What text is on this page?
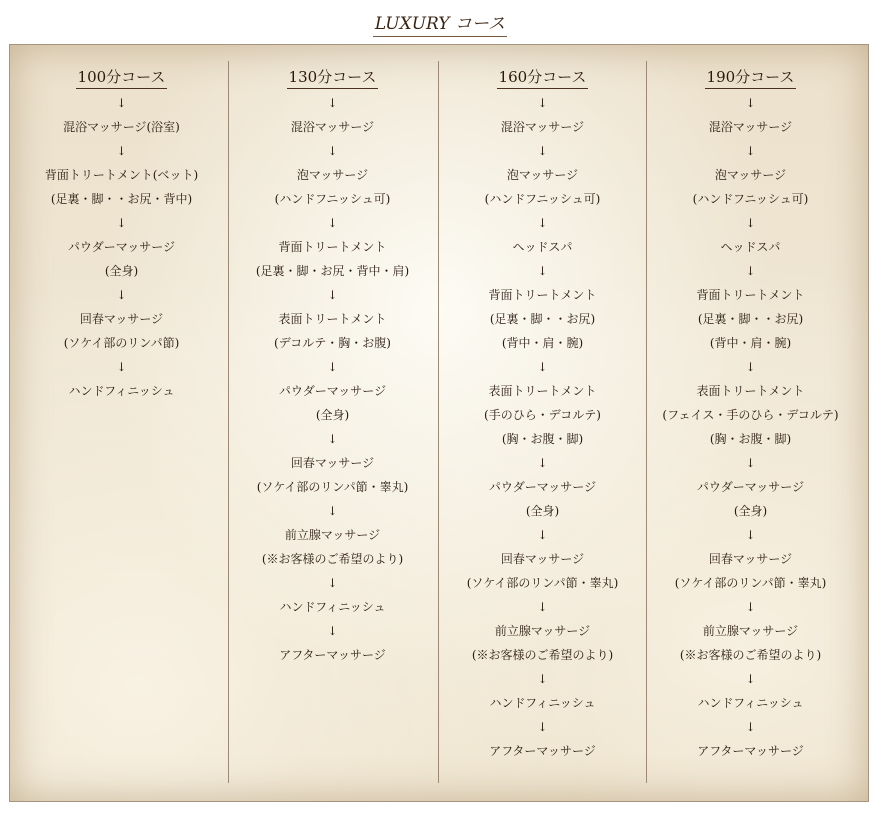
LUXURY コース
100分コース
↓
混浴マッサージ(浴室)
↓
背面トリートメント(ベット)
(足裏・脚・・お尻・背中)
↓
パウダーマッサージ
(全身)
↓
回春マッサージ
(ソケイ部のリンパ節)
↓
ハンドフィニッシュ
130分コース
↓
混浴マッサージ
↓
泡マッサージ
(ハンドフニッシュ可)
↓
背面トリートメント
(足裏・脚・お尻・背中・肩)
↓
表面トリートメント
(デコルテ・胸・お腹)
↓
パウダーマッサージ
(全身)
↓
回春マッサージ
(ソケイ部のリンパ節・睾丸)
↓
前立腺マッサージ
(※お客様のご希望のより)
↓
ハンドフィニッシュ
↓
アフターマッサージ
160分コース
↓
混浴マッサージ
↓
泡マッサージ
(ハンドフニッシュ可)
↓
ヘッドスパ
↓
背面トリートメント
(足裏・脚・・お尻)
(背中・肩・腕)
↓
表面トリートメント
(手のひら・デコルテ)
(胸・お腹・脚)
↓
パウダーマッサージ
(全身)
↓
回春マッサージ
(ソケイ部のリンパ節・睾丸)
↓
前立腺マッサージ
(※お客様のご希望のより)
↓
ハンドフィニッシュ
↓
アフターマッサージ
190分コース
↓
混浴マッサージ
↓
泡マッサージ
(ハンドフニッシュ可)
↓
ヘッドスパ
↓
背面トリートメント
(足裏・脚・・お尻)
(背中・肩・腕)
↓
表面トリートメント
(フェイス・手のひら・デコルテ)
(胸・お腹・脚)
↓
パウダーマッサージ
(全身)
↓
回春マッサージ
(ソケイ部のリンパ節・睾丸)
↓
前立腺マッサージ
(※お客様のご希望のより)
↓
ハンドフィニッシュ
↓
アフターマッサージ
